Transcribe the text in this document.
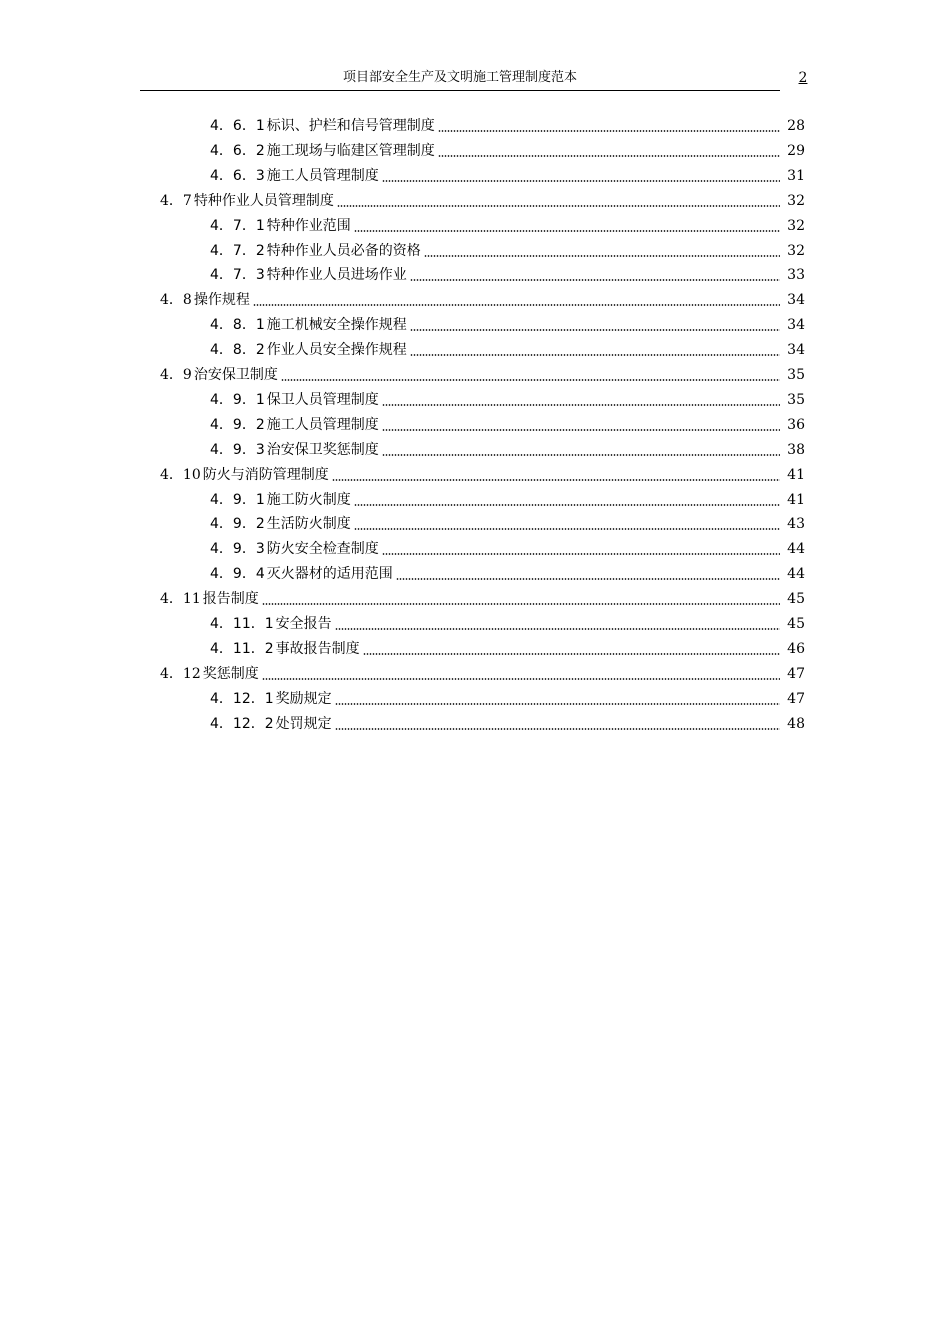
项目部安全生产及文明施工管理制度范本	2
4．6．1 标识、护栏和信号管理制度	28
4．6．2 施工现场与临建区管理制度	29
4．6．3 施工人员管理制度	31
4．7 特种作业人员管理制度	32
4．7．1 特种作业范围	32
4．7．2 特种作业人员必备的资格	32
4．7．3 特种作业人员进场作业	33
4．8 操作规程	34
4．8．1 施工机械安全操作规程	34
4．8．2 作业人员安全操作规程	34
4．9 治安保卫制度	35
4．9．1 保卫人员管理制度	35
4．9．2 施工人员管理制度	36
4．9．3 治安保卫奖惩制度	38
4．10 防火与消防管理制度	41
4．9．1 施工防火制度	41
4．9．2 生活防火制度	43
4．9．3 防火安全检查制度	44
4．9．4 灭火器材的适用范围	44
4．11 报告制度	45
4．11．1 安全报告	45
4．11．2 事故报告制度	46
4．12 奖惩制度	47
4．12．1 奖励规定	47
4．12．2 处罚规定	48
